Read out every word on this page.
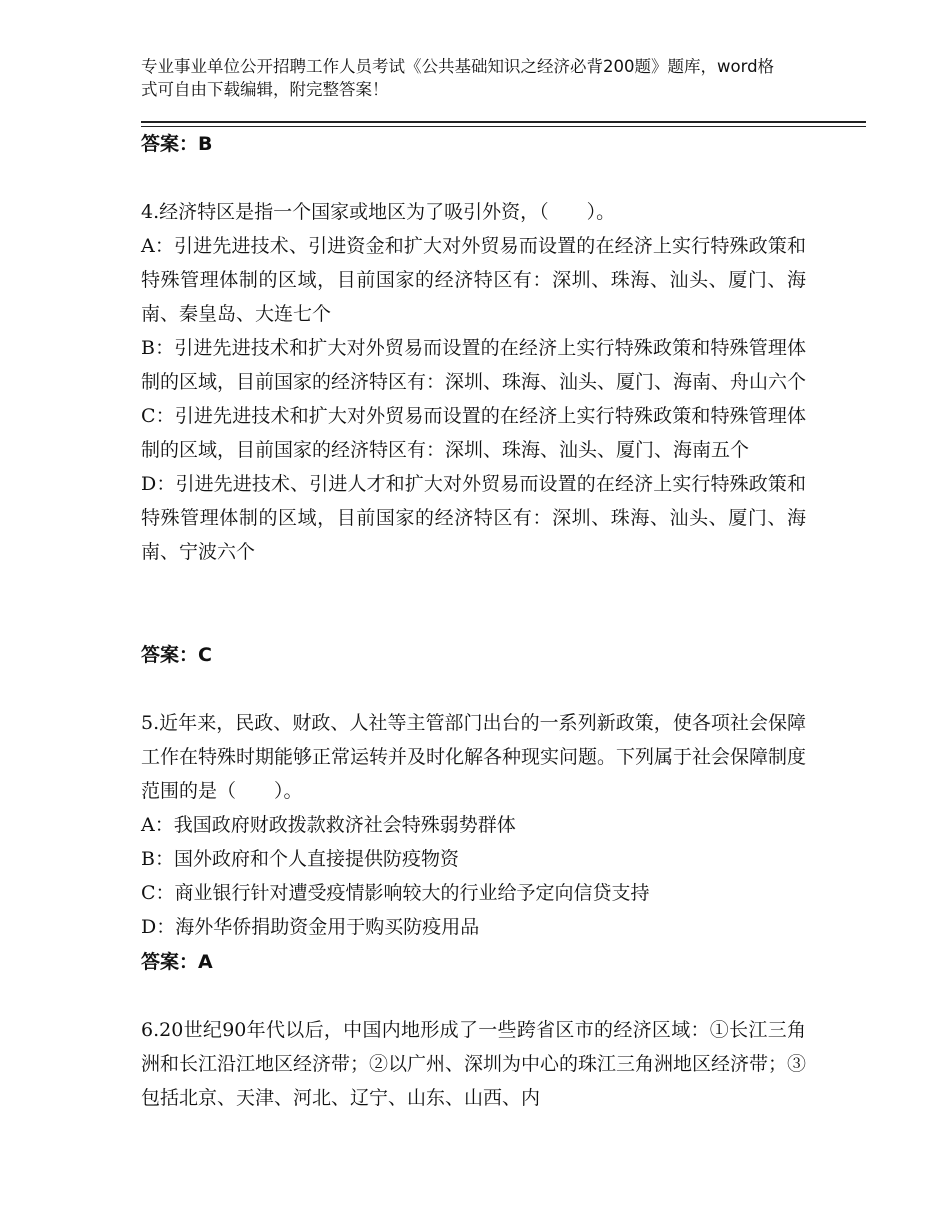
专业事业单位公开招聘工作人员考试《公共基础知识之经济必背200题》题库，word格式可自由下载编辑，附完整答案！
答案：B

4.经济特区是指一个国家或地区为了吸引外资，（　　）。

A：引进先进技术、引进资金和扩大对外贸易而设置的在经济上实行特殊政策和特殊管理体制的区域，目前国家的经济特区有：深圳、珠海、汕头、厦门、海南、秦皇岛、大连七个

B：引进先进技术和扩大对外贸易而设置的在经济上实行特殊政策和特殊管理体制的区域，目前国家的经济特区有：深圳、珠海、汕头、厦门、海南、舟山六个

C：引进先进技术和扩大对外贸易而设置的在经济上实行特殊政策和特殊管理体制的区域，目前国家的经济特区有：深圳、珠海、汕头、厦门、海南五个

D：引进先进技术、引进人才和扩大对外贸易而设置的在经济上实行特殊政策和特殊管理体制的区域，目前国家的经济特区有：深圳、珠海、汕头、厦门、海南、宁波六个

答案：C

5.近年来，民政、财政、人社等主管部门出台的一系列新政策，使各项社会保障工作在特殊时期能够正常运转并及时化解各种现实问题。下列属于社会保障制度范围的是（　　）。

A：我国政府财政拨款救济社会特殊弱势群体

B：国外政府和个人直接提供防疫物资

C：商业银行针对遭受疫情影响较大的行业给予定向信贷支持

D：海外华侨捐助资金用于购买防疫用品

答案：A

6.20世纪90年代以后，中国内地形成了一些跨省区市的经济区域：①长江三角洲和长江沿江地区经济带；②以广州、深圳为中心的珠江三角洲地区经济带；③包括北京、天津、河北、辽宁、山东、山西、内
